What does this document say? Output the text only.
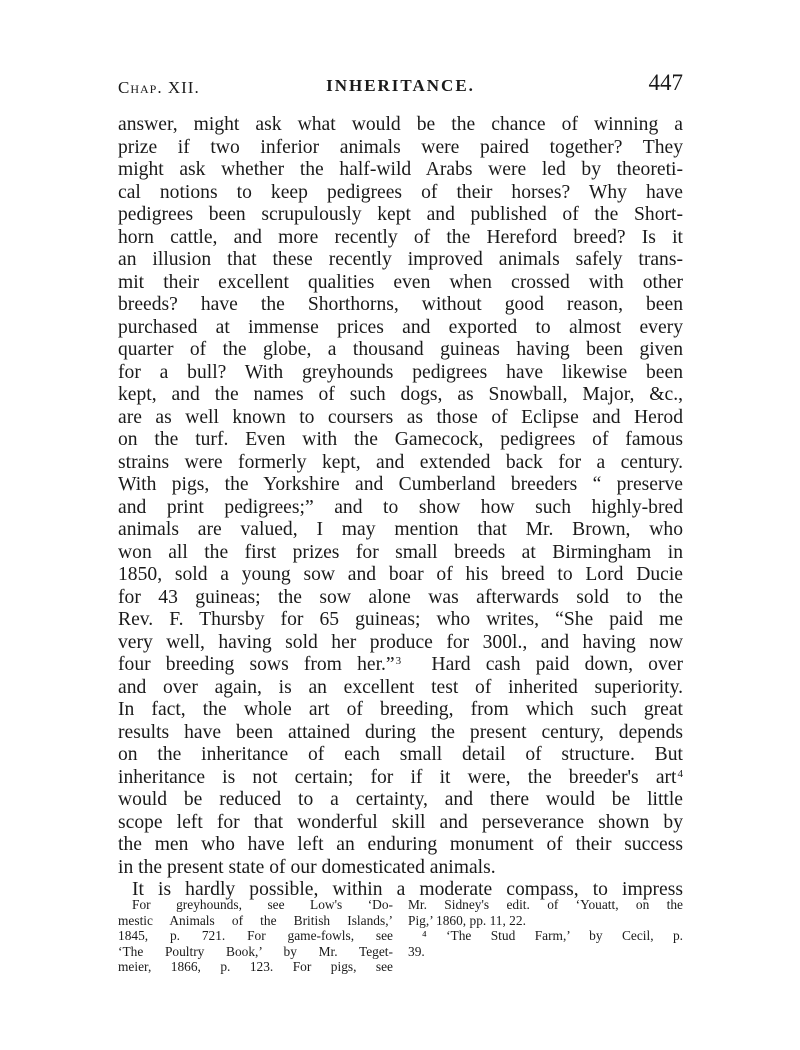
Chap. XII.	INHERITANCE.	447
answer, might ask what would be the chance of winning a
prize if two inferior animals were paired together? They
might ask whether the half-wild Arabs were led by theoreti-
cal notions to keep pedigrees of their horses? Why have
pedigrees been scrupulously kept and published of the Short-
horn cattle, and more recently of the Hereford breed? Is it
an illusion that these recently improved animals safely trans-
mit their excellent qualities even when crossed with other
breeds? have the Shorthorns, without good reason, been
purchased at immense prices and exported to almost every
quarter of the globe, a thousand guineas having been given
for a bull? With greyhounds pedigrees have likewise been
kept, and the names of such dogs, as Snowball, Major, &c.,
are as well known to coursers as those of Eclipse and Herod
on the turf. Even with the Gamecock, pedigrees of famous
strains were formerly kept, and extended back for a century.
With pigs, the Yorkshire and Cumberland breeders “ preserve
and print pedigrees;” and to show how such highly-bred
animals are valued, I may mention that Mr. Brown, who
won all the first prizes for small breeds at Birmingham in
1850, sold a young sow and boar of his breed to Lord Ducie
for 43 guineas; the sow alone was afterwards sold to the
Rev. F. Thursby for 65 guineas; who writes, “She paid me
very well, having sold her produce for 300l., and having now
four breeding sows from her.”$^3$ Hard cash paid down, over
and over again, is an excellent test of inherited superiority.
In fact, the whole art of breeding, from which such great
results have been attained during the present century, depends
on the inheritance of each small detail of structure. But
inheritance is not certain; for if it were, the breeder's art$^4$
would be reduced to a certainty, and there would be little
scope left for that wonderful skill and perseverance shown by
the men who have left an enduring monument of their success
in the present state of our domesticated animals.
It is hardly possible, within a moderate compass, to impress
For greyhounds, see Low's ‘Do-
mestic Animals of the British Islands,’
1845, p. 721. For game-fowls, see
‘The Poultry Book,’ by Mr. Teget-
meier, 1866, p. 123. For pigs, see
Mr. Sidney's edit. of ‘Youatt, on the
Pig,’ 1860, pp. 11, 22.
⁴ ‘The Stud Farm,’ by Cecil, p.
39.
